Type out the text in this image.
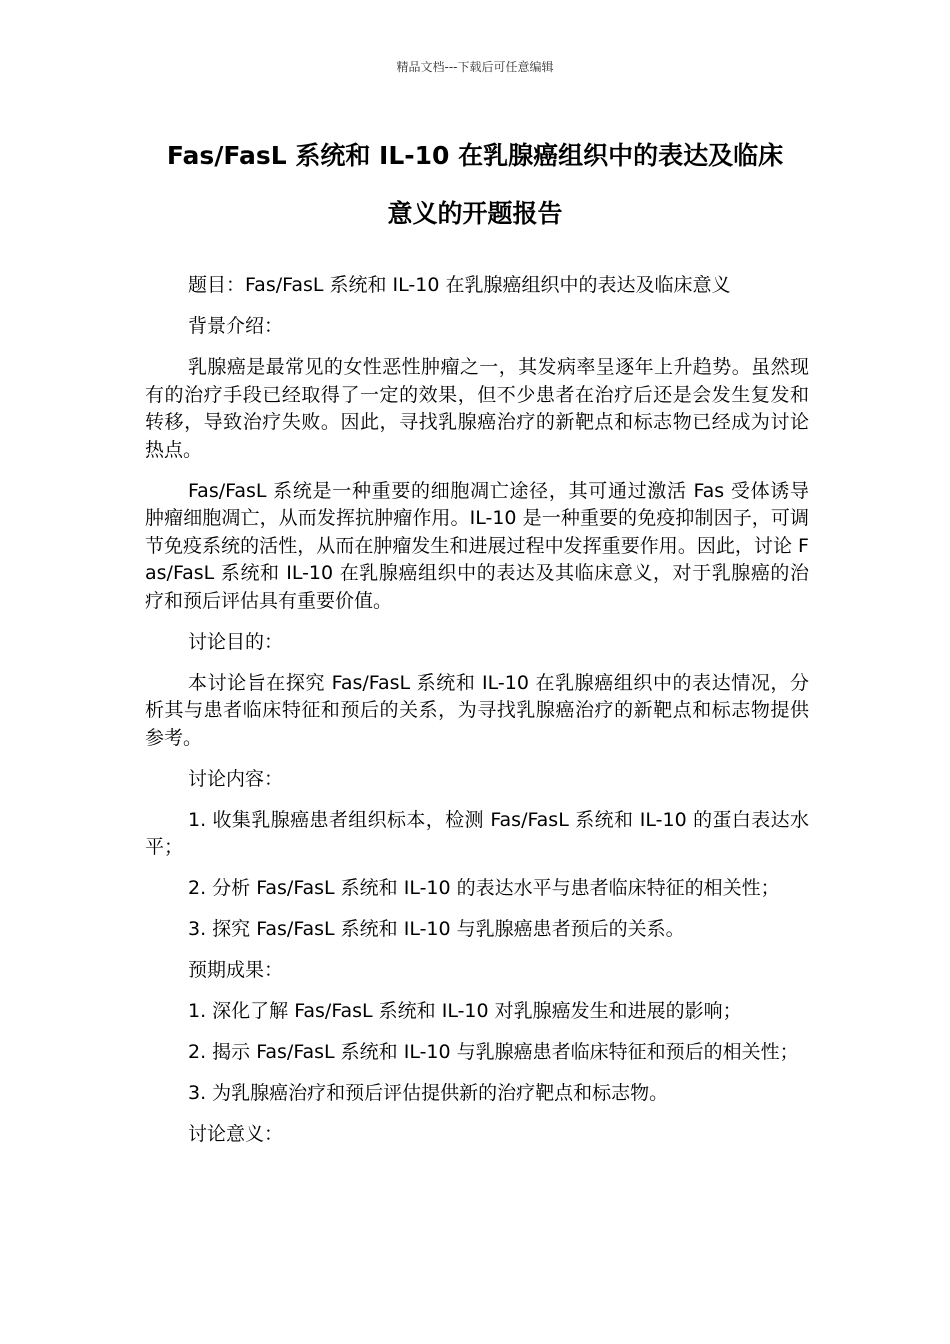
精品文档---下载后可任意编辑
Fas/FasL 系统和 IL-10 在乳腺癌组织中的表达及临床
意义的开题报告

题目：Fas/FasL 系统和 IL-10 在乳腺癌组织中的表达及临床意义

背景介绍：

乳腺癌是最常见的女性恶性肿瘤之一，其发病率呈逐年上升趋势。虽然现有的治疗手段已经取得了一定的效果，但不少患者在治疗后还是会发生复发和转移，导致治疗失败。因此，寻找乳腺癌治疗的新靶点和标志物已经成为讨论热点。

Fas/FasL 系统是一种重要的细胞凋亡途径，其可通过激活 Fas 受体诱导肿瘤细胞凋亡，从而发挥抗肿瘤作用。IL-10 是一种重要的免疫抑制因子，可调节免疫系统的活性，从而在肿瘤发生和进展过程中发挥重要作用。因此，讨论 Fas/FasL 系统和 IL-10 在乳腺癌组织中的表达及其临床意义，对于乳腺癌的治疗和预后评估具有重要价值。

讨论目的：

本讨论旨在探究 Fas/FasL 系统和 IL-10 在乳腺癌组织中的表达情况，分析其与患者临床特征和预后的关系，为寻找乳腺癌治疗的新靶点和标志物提供参考。

讨论内容：

1. 收集乳腺癌患者组织标本，检测 Fas/FasL 系统和 IL-10 的蛋白表达水平；

2. 分析 Fas/FasL 系统和 IL-10 的表达水平与患者临床特征的相关性；

3. 探究 Fas/FasL 系统和 IL-10 与乳腺癌患者预后的关系。

预期成果：

1. 深化了解 Fas/FasL 系统和 IL-10 对乳腺癌发生和进展的影响；

2. 揭示 Fas/FasL 系统和 IL-10 与乳腺癌患者临床特征和预后的相关性；

3. 为乳腺癌治疗和预后评估提供新的治疗靶点和标志物。

讨论意义：
